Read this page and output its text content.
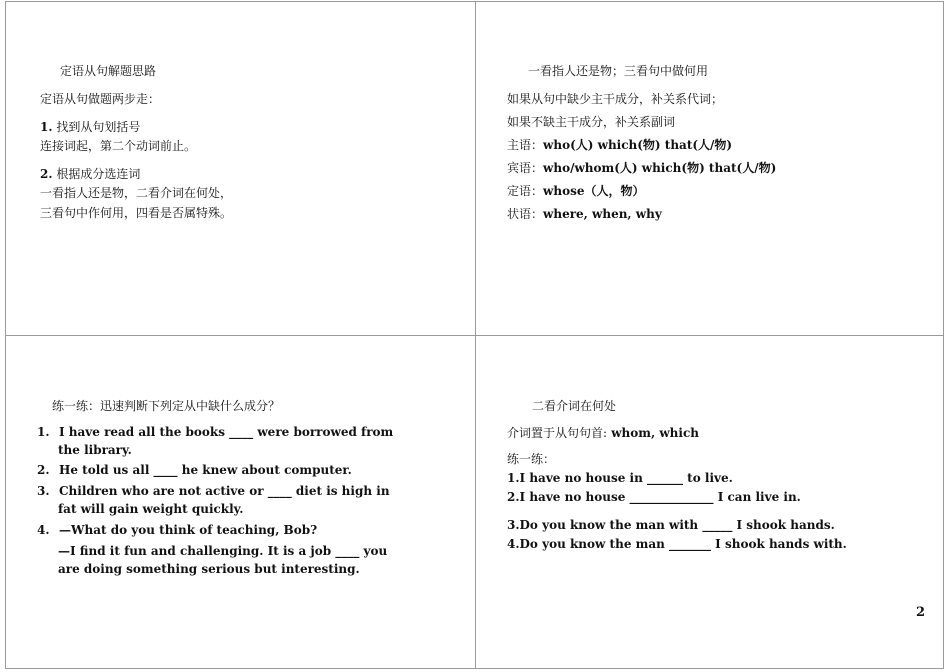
定语从句解题思路
定语从句做题两步走：
1. 找到从句划括号
连接词起，第二个动词前止。
2. 根据成分选连词
一看指人还是物，二看介词在何处，
三看句中作何用，四看是否属特殊。
一看指人还是物；三看句中做何用
如果从句中缺少主干成分，补关系代词；
如果不缺主干成分，补关系副词
主语：who(人) which(物) that(人/物)
宾语：who/whom(人) which(物) that(人/物)
定语：whose（人，物）
状语：where, when, why
练一练：迅速判断下列定从中缺什么成分？
1. I have read all the books ____ were borrowed from
the library.
2. He told us all ____ he knew about computer.
3. Children who are not active or ____ diet is high in
fat will gain weight quickly.
4. —What do you think of teaching, Bob?
—I find it fun and challenging. It is a job ____ you
are doing something serious but interesting.
二看介词在何处
介词置于从句句首: whom, which
练一练：
1.I have no house in ______ to live.
2.I have no house ______________ I can live in.
3.Do you know the man with _____ I shook hands.
4.Do you know the man _______ I shook hands with.
2
